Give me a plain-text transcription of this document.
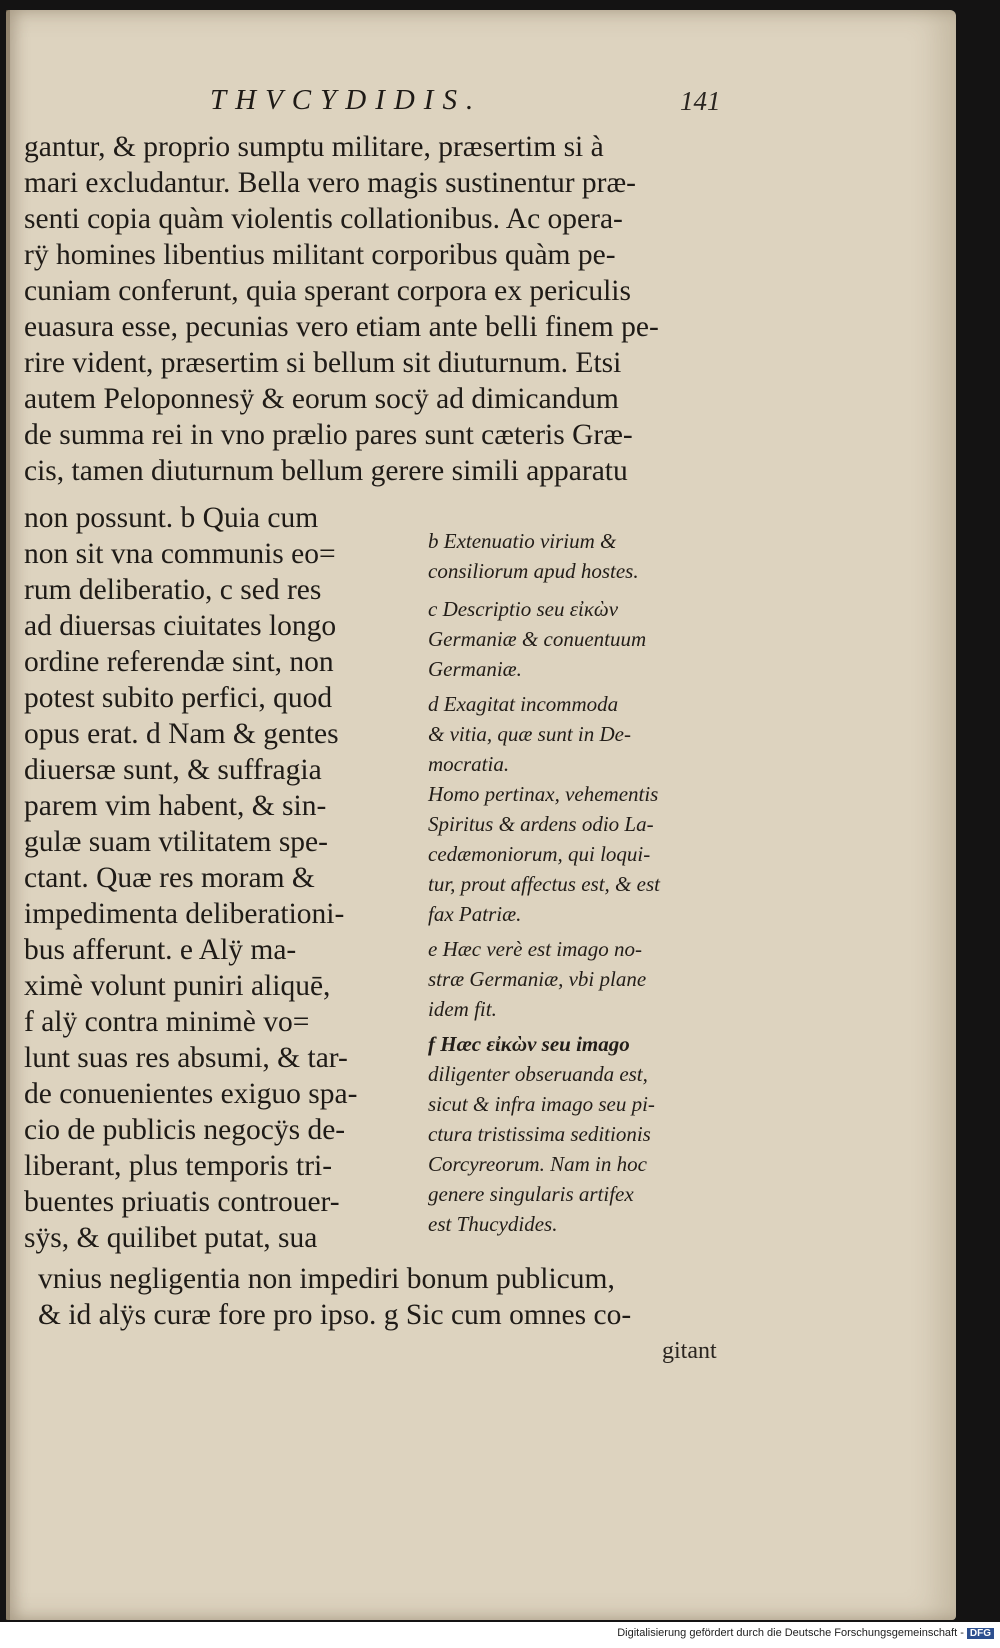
THVCYDIDIS.	141
gantur, & proprio sumptu militare, præsertim si à
mari excludantur. Bella vero magis sustinentur præ-
senti copia quàm violentis collationibus. Ac opera-
rÿ homines libentius militant corporibus quàm pe-
cuniam conferunt, quia sperant corpora ex periculis
euasura esse, pecunias vero etiam ante belli finem pe-
rire vident, præsertim si bellum sit diuturnum. Etsi
autem Peloponnesÿ & eorum socÿ ad dimicandum
de summa rei in vno prælio pares sunt cæteris Græ-
cis, tamen diuturnum bellum gerere simili apparatu
non possunt. b Quia cum
non sit vna communis eo=
rum deliberatio, c sed res
ad diuersas ciuitates longo
ordine referendæ sint, non
potest subito perfici, quod
opus erat. d Nam & gentes
diuersæ sunt, & suffragia
parem vim habent, & sin-
gulæ suam vtilitatem spe-
ctant. Quæ res moram &
impedimenta deliberationi-
bus afferunt. e Alÿ ma-
ximè volunt puniri aliquē,
f alÿ contra minimè vo=
lunt suas res absumi, & tar-
de conuenientes exiguo spa-
cio de publicis negocÿs de-
liberant, plus temporis tri-
buentes priuatis controuer-
sÿs, & quilibet putat, sua
vnius negligentia non impediri bonum publicum,
& id alÿs curæ fore pro ipso. g Sic cum omnes co-
b Extenuatio virium &
consiliorum apud hostes.
c Descriptio seu εἰκὼν
Germaniæ & conuentuum
Germaniæ.
d Exagitat incommoda
& vitia, quæ sunt in De-
mocratia.
Homo pertinax, vehementis
Spiritus & ardens odio La-
cedæmoniorum, qui loqui-
tur, prout affectus est, & est
fax Patriæ.
e Hæc verè est imago no-
stræ Germaniæ, vbi plane
idem fit.
f Hæc εἰκὼν seu imago
diligenter obseruanda est,
sicut & infra imago seu pi-
ctura tristissima seditionis
Corcyreorum. Nam in hoc
genere singularis artifex
est Thucydides.
gitant
Digitalisierung gefördert durch die Deutsche Forschungsgemeinschaft - DFG
